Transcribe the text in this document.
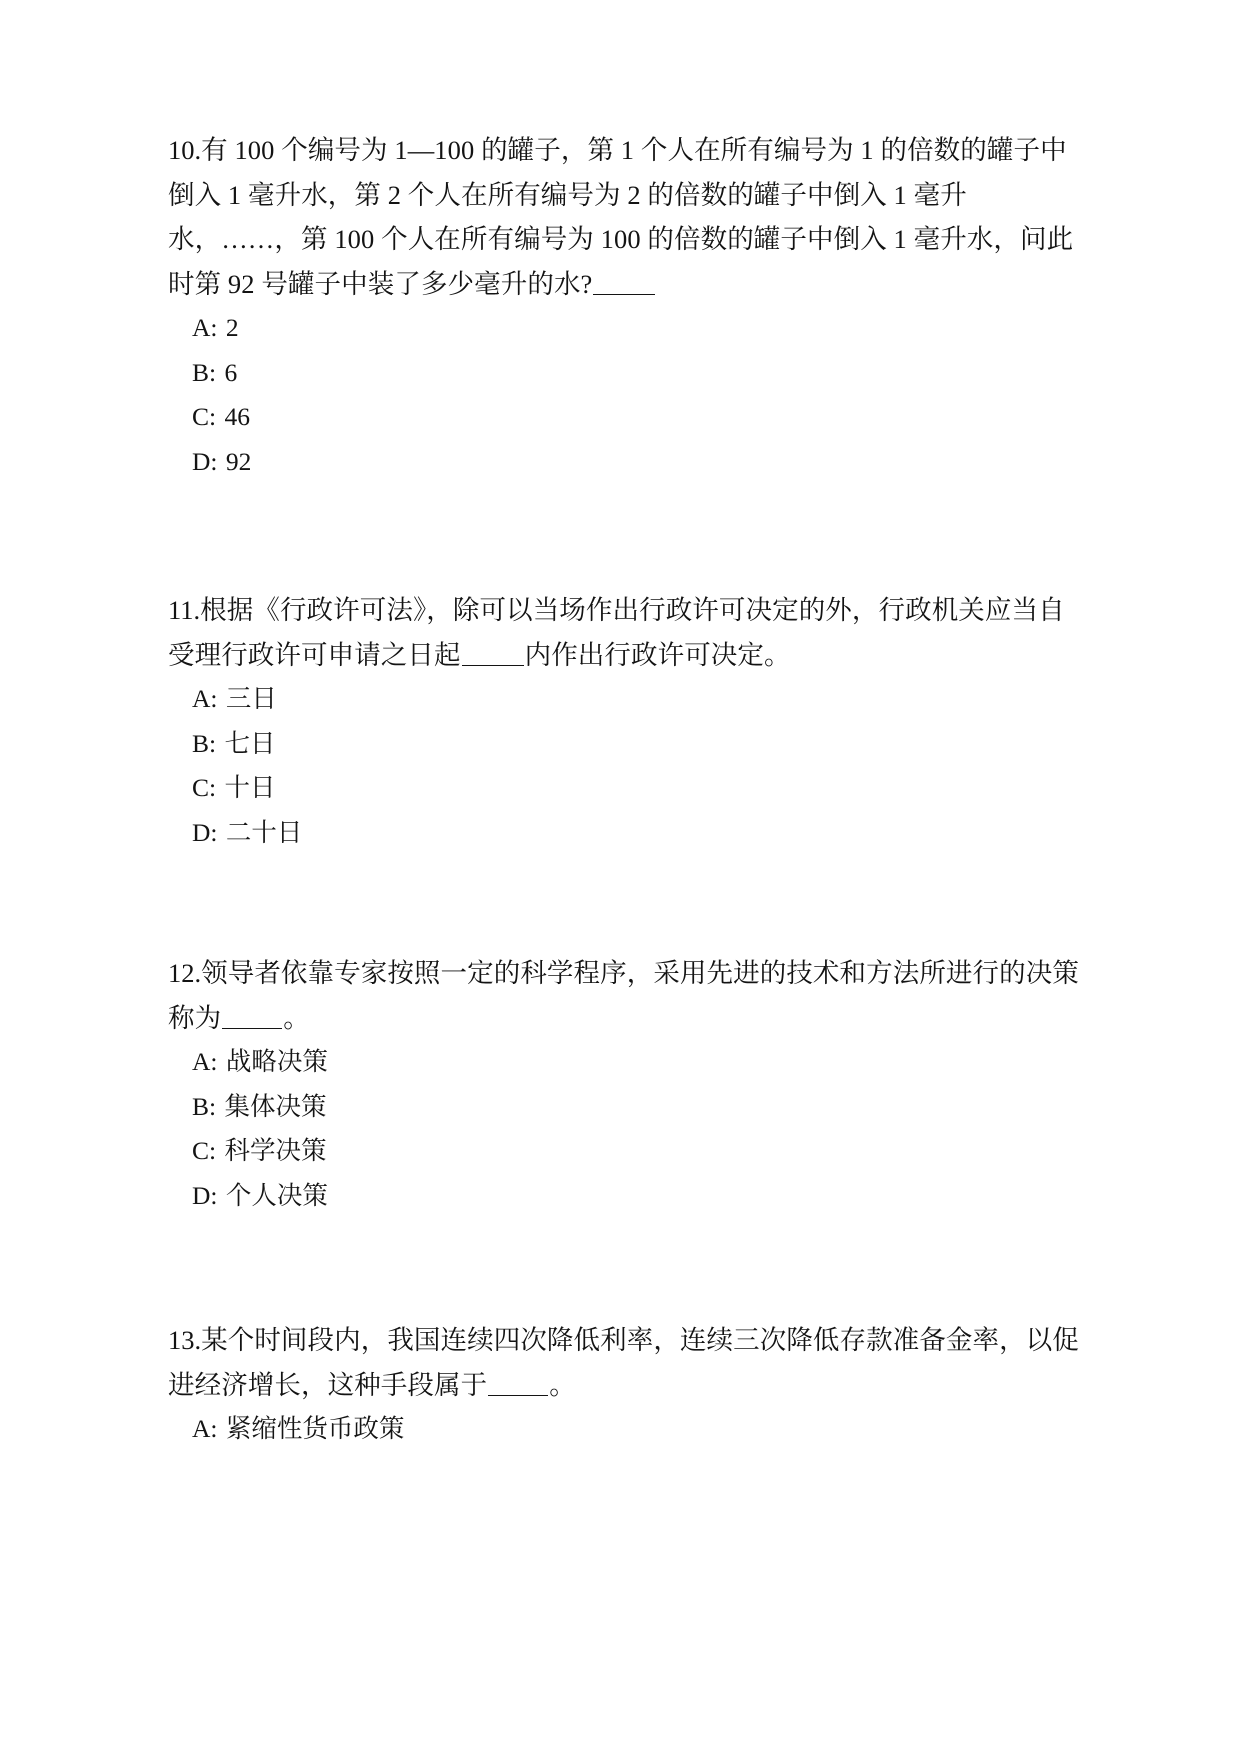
10.有 100 个编号为 1—100 的罐子，第 1 个人在所有编号为 1 的倍数的罐子中
倒入 1 毫升水，第 2 个人在所有编号为 2 的倍数的罐子中倒入 1 毫升
水，……，第 100 个人在所有编号为 100 的倍数的罐子中倒入 1 毫升水，问此
时第 92 号罐子中装了多少毫升的水?

A: 2
B: 6
C: 46
D: 92

11.根据《行政许可法》，除可以当场作出行政许可决定的外，行政机关应当自
受理行政许可申请之日起 内作出行政许可决定。

A: 三日
B: 七日
C: 十日
D: 二十日

12.领导者依靠专家按照一定的科学程序，采用先进的技术和方法所进行的决策
称为 。

A: 战略决策
B: 集体决策
C: 科学决策
D: 个人决策

13.某个时间段内，我国连续四次降低利率，连续三次降低存款准备金率，以促
进经济增长，这种手段属于 。

A: 紧缩性货币政策
